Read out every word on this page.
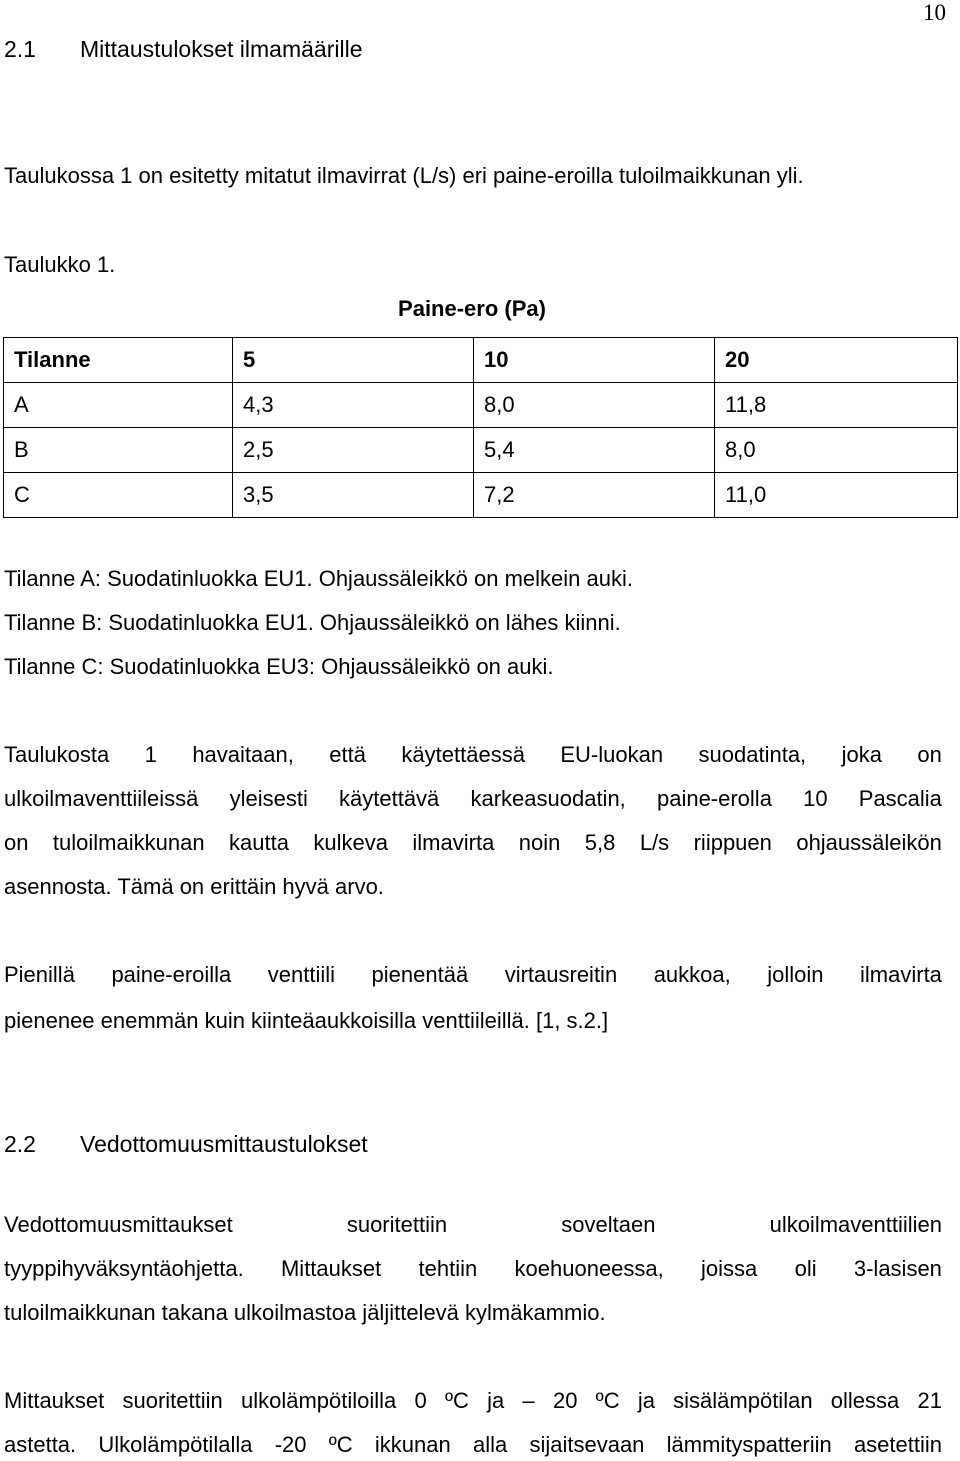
10
2.1 Mittaustulokset ilmamäärille
Taulukossa 1 on esitetty mitatut ilmavirrat (L/s) eri paine-eroilla tuloilmaikkunan yli.
Taulukko 1.
Paine-ero (Pa)
Tilanne	5	10	20
A	4,3	8,0	11,8
B	2,5	5,4	8,0
C	3,5	7,2	11,0
Tilanne A: Suodatinluokka EU1. Ohjaussäleikkö on melkein auki.
Tilanne B: Suodatinluokka EU1. Ohjaussäleikkö on lähes kiinni.
Tilanne C: Suodatinluokka EU3: Ohjaussäleikkö on auki.
Taulukosta 1 havaitaan, että käytettäessä EU-luokan suodatinta, joka on
ulkoilmaventtiileissä yleisesti käytettävä karkeasuodatin, paine-erolla 10 Pascalia
on tuloilmaikkunan kautta kulkeva ilmavirta noin 5,8 L/s riippuen ohjaussäleikön
asennosta. Tämä on erittäin hyvä arvo.
Pienillä paine-eroilla venttiili pienentää virtausreitin aukkoa, jolloin ilmavirta
pienenee enemmän kuin kiinteäaukkoisilla venttiileillä. [1, s.2.]
2.2 Vedottomuusmittaustulokset
Vedottomuusmittaukset	suoritettiin	soveltaen	ulkoilmaventtiilien
tyyppihyväksyntäohjetta. Mittaukset tehtiin koehuoneessa, joissa oli 3-lasisen
tuloilmaikkunan takana ulkoilmastoa jäljittelevä kylmäkammio.
Mittaukset suoritettiin ulkolämpötiloilla 0 ºC ja – 20 ºC ja sisälämpötilan ollessa 21
astetta. Ulkolämpötilalla -20 ºC ikkunan alla sijaitsevaan lämmityspatteriin asetettiin
